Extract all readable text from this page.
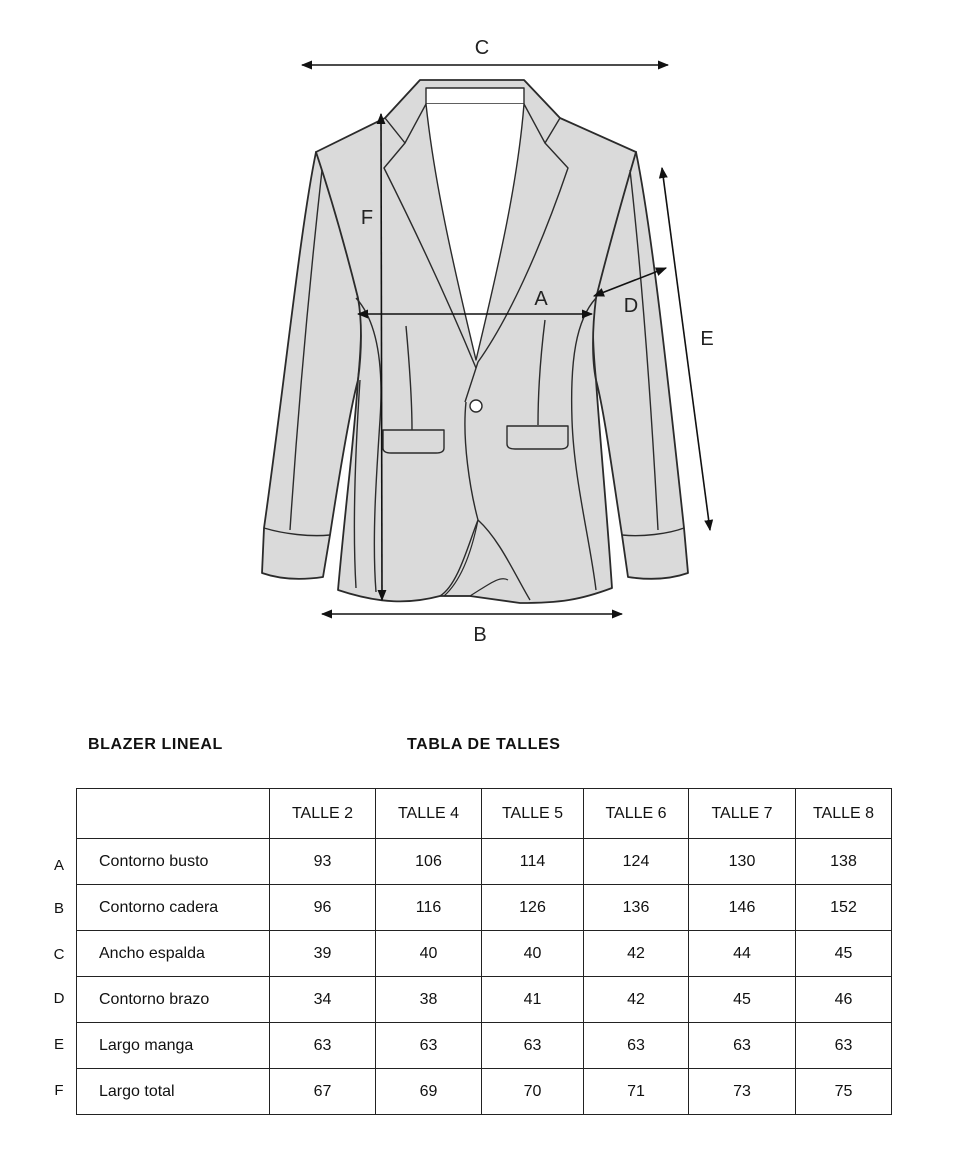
C
A
F
D
E
B
BLAZER LINEAL	TABLA DE TALLES
A
B
C
D
E
F
	TALLE 2	TALLE 4	TALLE 5	TALLE 6	TALLE 7	TALLE 8
Contorno busto	93	106	114	124	130	138
Contorno cadera	96	116	126	136	146	152
Ancho espalda	39	40	40	42	44	45
Contorno brazo	34	38	41	42	45	46
Largo manga	63	63	63	63	63	63
Largo total	67	69	70	71	73	75
